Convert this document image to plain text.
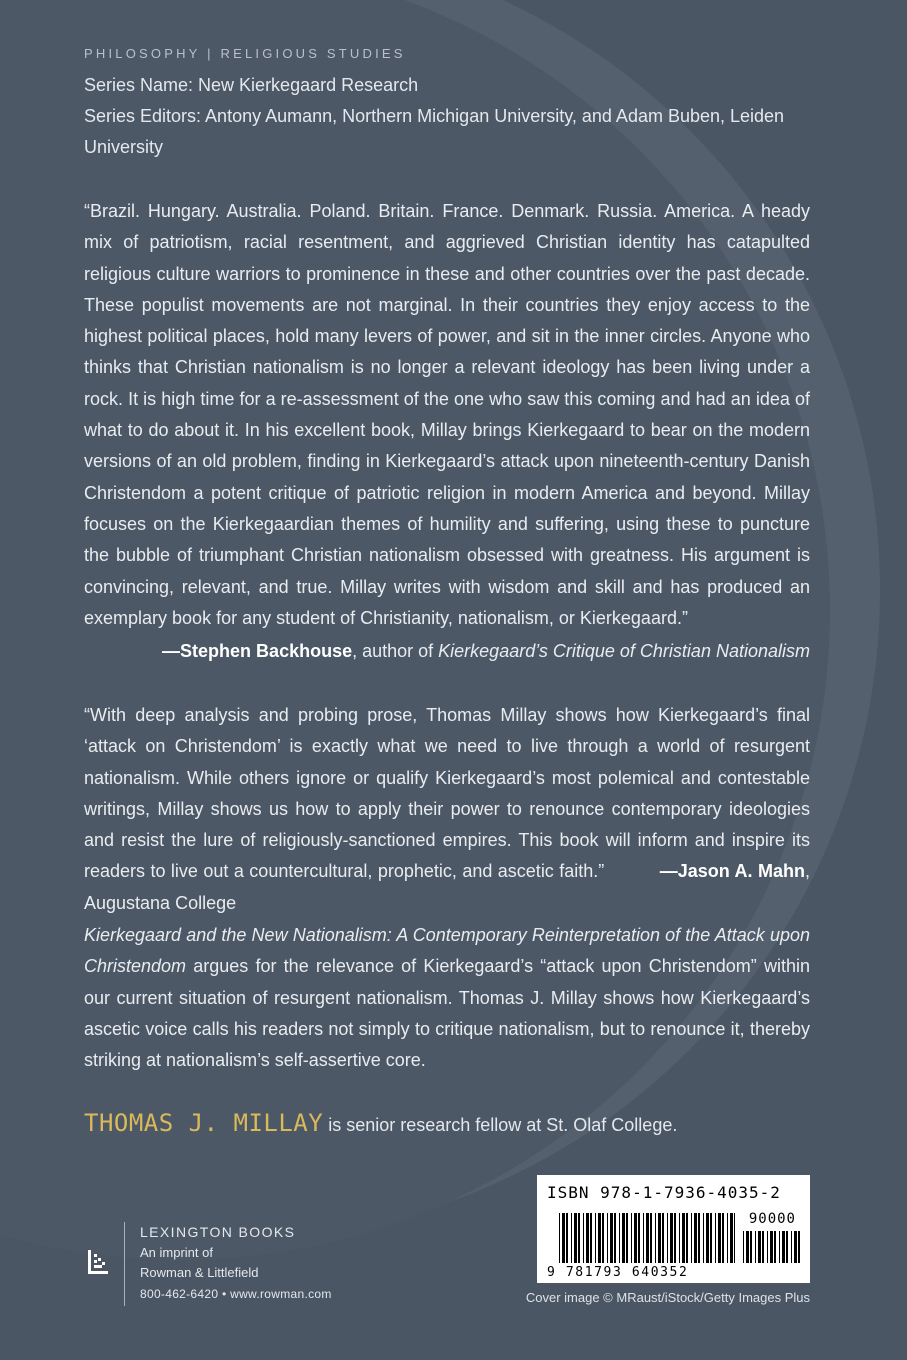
PHILOSOPHY | RELIGIOUS STUDIES
Series Name: New Kierkegaard Research
Series Editors: Antony Aumann, Northern Michigan University, and Adam Buben, Leiden
University
“Brazil. Hungary. Australia. Poland. Britain. France. Denmark. Russia. America. A heady mix of patriotism, racial resentment, and aggrieved Christian identity has catapulted religious culture warriors to prominence in these and other countries over the past decade. These populist movements are not marginal. In their countries they enjoy access to the highest political places, hold many levers of power, and sit in the inner circles. Anyone who thinks that Christian nationalism is no longer a relevant ideology has been living under a rock. It is high time for a re-assessment of the one who saw this coming and had an idea of what to do about it. In his excellent book, Millay brings Kierkegaard to bear on the modern versions of an old problem, finding in Kierkegaard’s attack upon nineteenth-century Danish Christendom a potent critique of patriotic religion in modern America and beyond. Millay focuses on the Kierkegaardian themes of humility and suffering, using these to puncture the bubble of triumphant Christian nationalism obsessed with greatness. His argument is convincing, relevant, and true. Millay writes with wisdom and skill and has produced an exemplary book for any student of Christianity, nationalism, or Kierkegaard.”
—Stephen Backhouse, author of Kierkegaard’s Critique of Christian Nationalism
“With deep analysis and probing prose, Thomas Millay shows how Kierkegaard’s final ‘attack on Christendom’ is exactly what we need to live through a world of resurgent nationalism. While others ignore or qualify Kierkegaard’s most polemical and contestable writings, Millay shows us how to apply their power to renounce contemporary ideologies and resist the lure of religiously-sanctioned empires. This book will inform and inspire its readers to live out a countercultural, prophetic, and ascetic faith.”	—Jason A. Mahn, Augustana College
Kierkegaard and the New Nationalism: A Contemporary Reinterpretation of the Attack upon Christendom argues for the relevance of Kierkegaard’s “attack upon Christendom” within our current situation of resurgent nationalism. Thomas J. Millay shows how Kierkegaard’s ascetic voice calls his readers not simply to critique nationalism, but to renounce it, thereby striking at nationalism’s self-assertive core.
THOMAS J. MILLAY is senior research fellow at St. Olaf College.
LEXINGTON BOOKS
An imprint of
Rowman & Littlefield
800-462-6420 • www.rowman.com
ISBN 978-1-7936-4035-2
90000
9 781793 640352
Cover image © MRaust/iStock/Getty Images Plus
